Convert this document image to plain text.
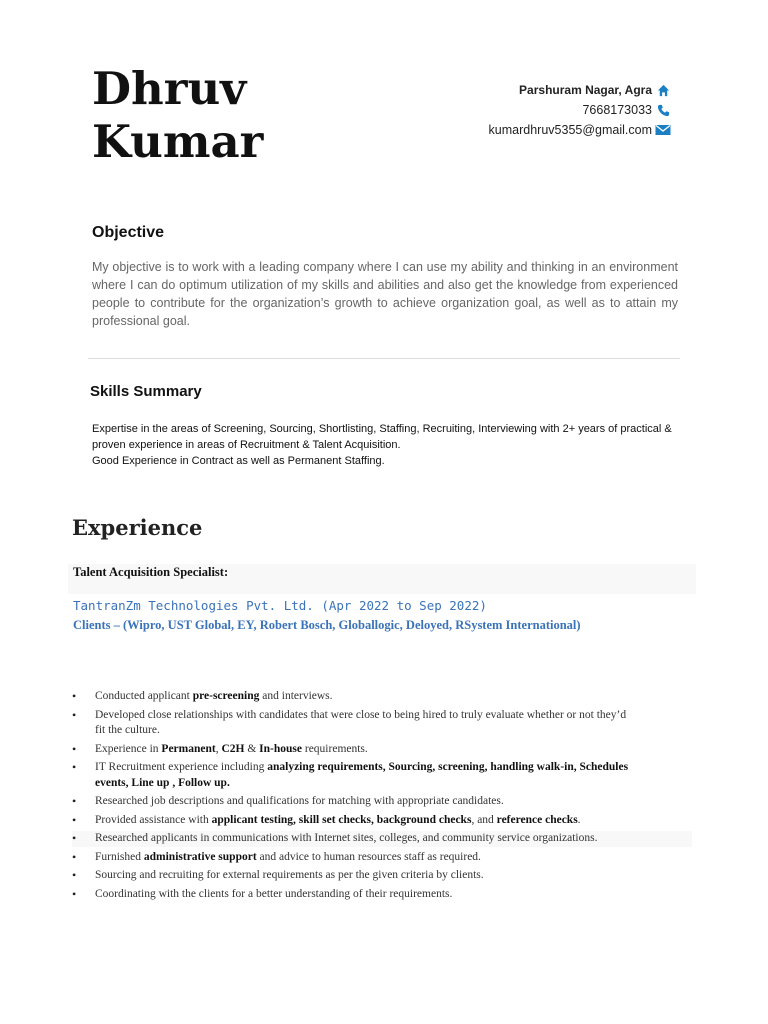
Dhruv
Kumar
Parshuram Nagar, Agra
7668173033
kumardhruv5355@gmail.com
Objective

My objective is to work with a leading company where I can use my ability and thinking in an environment where I can do optimum utilization of my skills and abilities and also get the knowledge from experienced people to contribute for the organization’s growth to achieve organization goal, as well as to attain my professional goal.

Skills Summary
Expertise in the areas of Screening, Sourcing, Shortlisting, Staffing, Recruiting, Interviewing with 2+ years of practical & proven experience in areas of Recruitment & Talent Acquisition.
Good Experience in Contract as well as Permanent Staffing.
Experience

Talent Acquisition Specialist:

TantranZm Technologies Pvt. Ltd. (Apr 2022 to Sep 2022)

Clients – (Wipro, UST Global, EY, Robert Bosch, Globallogic, Deloyed, RSystem International)

• Conducted applicant pre-screening and interviews.
• Developed close relationships with candidates that were close to being hired to truly evaluate whether or not they’d fit the culture.
• Experience in Permanent, C2H & In-house requirements.
• IT Recruitment experience including analyzing requirements, Sourcing, screening, handling walk-in, Schedules events, Line up , Follow up.
• Researched job descriptions and qualifications for matching with appropriate candidates.
• Provided assistance with applicant testing, skill set checks, background checks, and reference checks.
• Researched applicants in communications with Internet sites, colleges, and community service organizations.
• Furnished administrative support and advice to human resources staff as required.
• Sourcing and recruiting for external requirements as per the given criteria by clients.
• Coordinating with the clients for a better understanding of their requirements.
